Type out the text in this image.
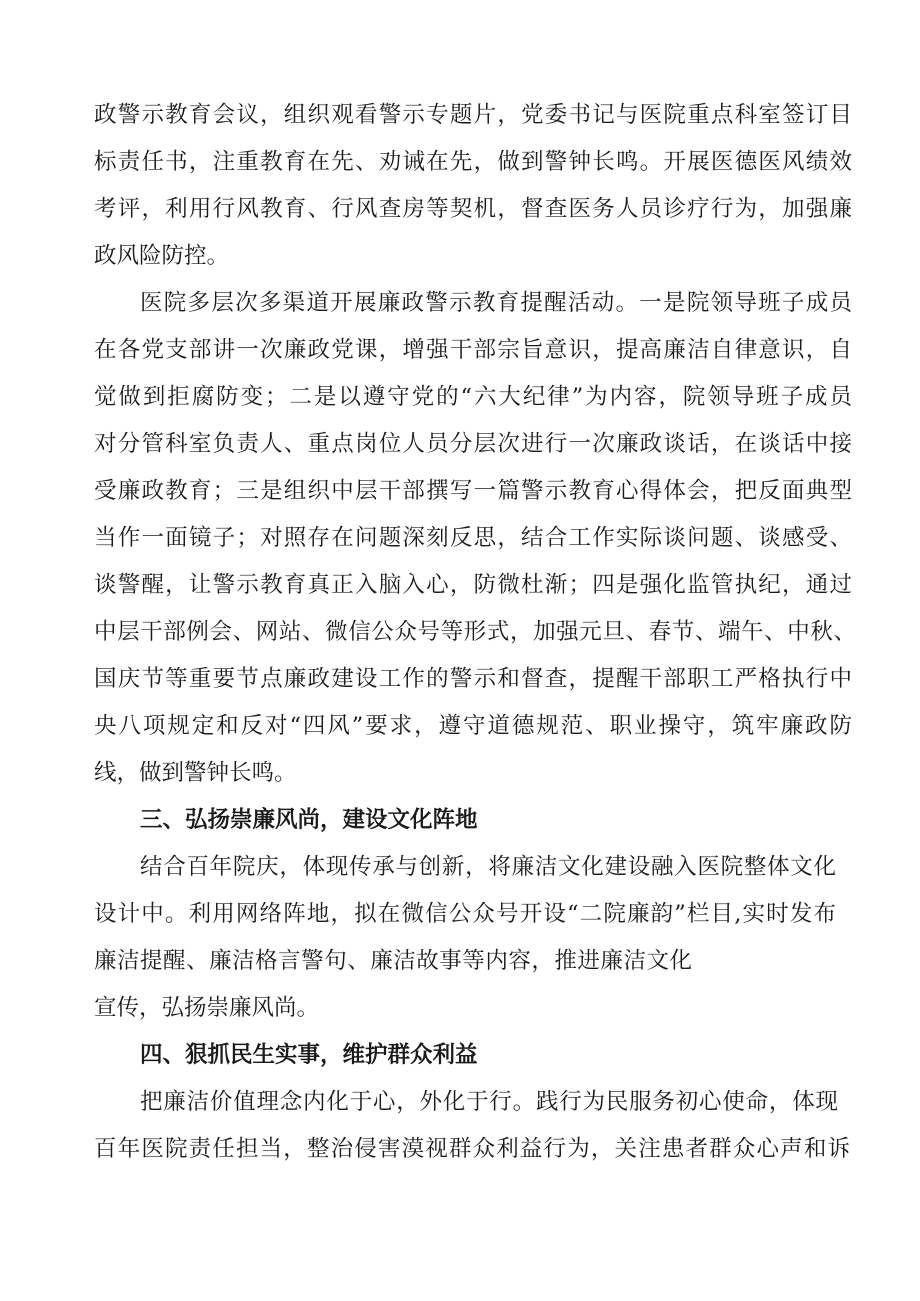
政警示教育会议，组织观看警示专题片，党委书记与医院重点科室签订目
标责任书，注重教育在先、劝诫在先，做到警钟长鸣。开展医德医风绩效
考评，利用行风教育、行风查房等契机，督查医务人员诊疗行为，加强廉
政风险防控。
医院多层次多渠道开展廉政警示教育提醒活动。一是院领导班子成员
在各党支部讲一次廉政党课，增强干部宗旨意识，提高廉洁自律意识，自
觉做到拒腐防变；二是以遵守党的“六大纪律”为内容，院领导班子成员
对分管科室负责人、重点岗位人员分层次进行一次廉政谈话，在谈话中接
受廉政教育；三是组织中层干部撰写一篇警示教育心得体会，把反面典型
当作一面镜子；对照存在问题深刻反思，结合工作实际谈问题、谈感受、
谈警醒，让警示教育真正入脑入心，防微杜渐；四是强化监管执纪，通过
中层干部例会、网站、微信公众号等形式，加强元旦、春节、端午、中秋、
国庆节等重要节点廉政建设工作的警示和督查，提醒干部职工严格执行中
央八项规定和反对“四风”要求，遵守道德规范、职业操守，筑牢廉政防
线，做到警钟长鸣。
三、弘扬崇廉风尚，建设文化阵地
结合百年院庆，体现传承与创新，将廉洁文化建设融入医院整体文化
设计中。利用网络阵地，拟在微信公众号开设“二院廉韵”栏目,实时发布
廉洁提醒、廉洁格言警句、廉洁故事等内容，推进廉洁文化
宣传，弘扬崇廉风尚。
四、狠抓民生实事，维护群众利益
把廉洁价值理念内化于心，外化于行。践行为民服务初心使命，体现
百年医院责任担当，整治侵害漠视群众利益行为，关注患者群众心声和诉
